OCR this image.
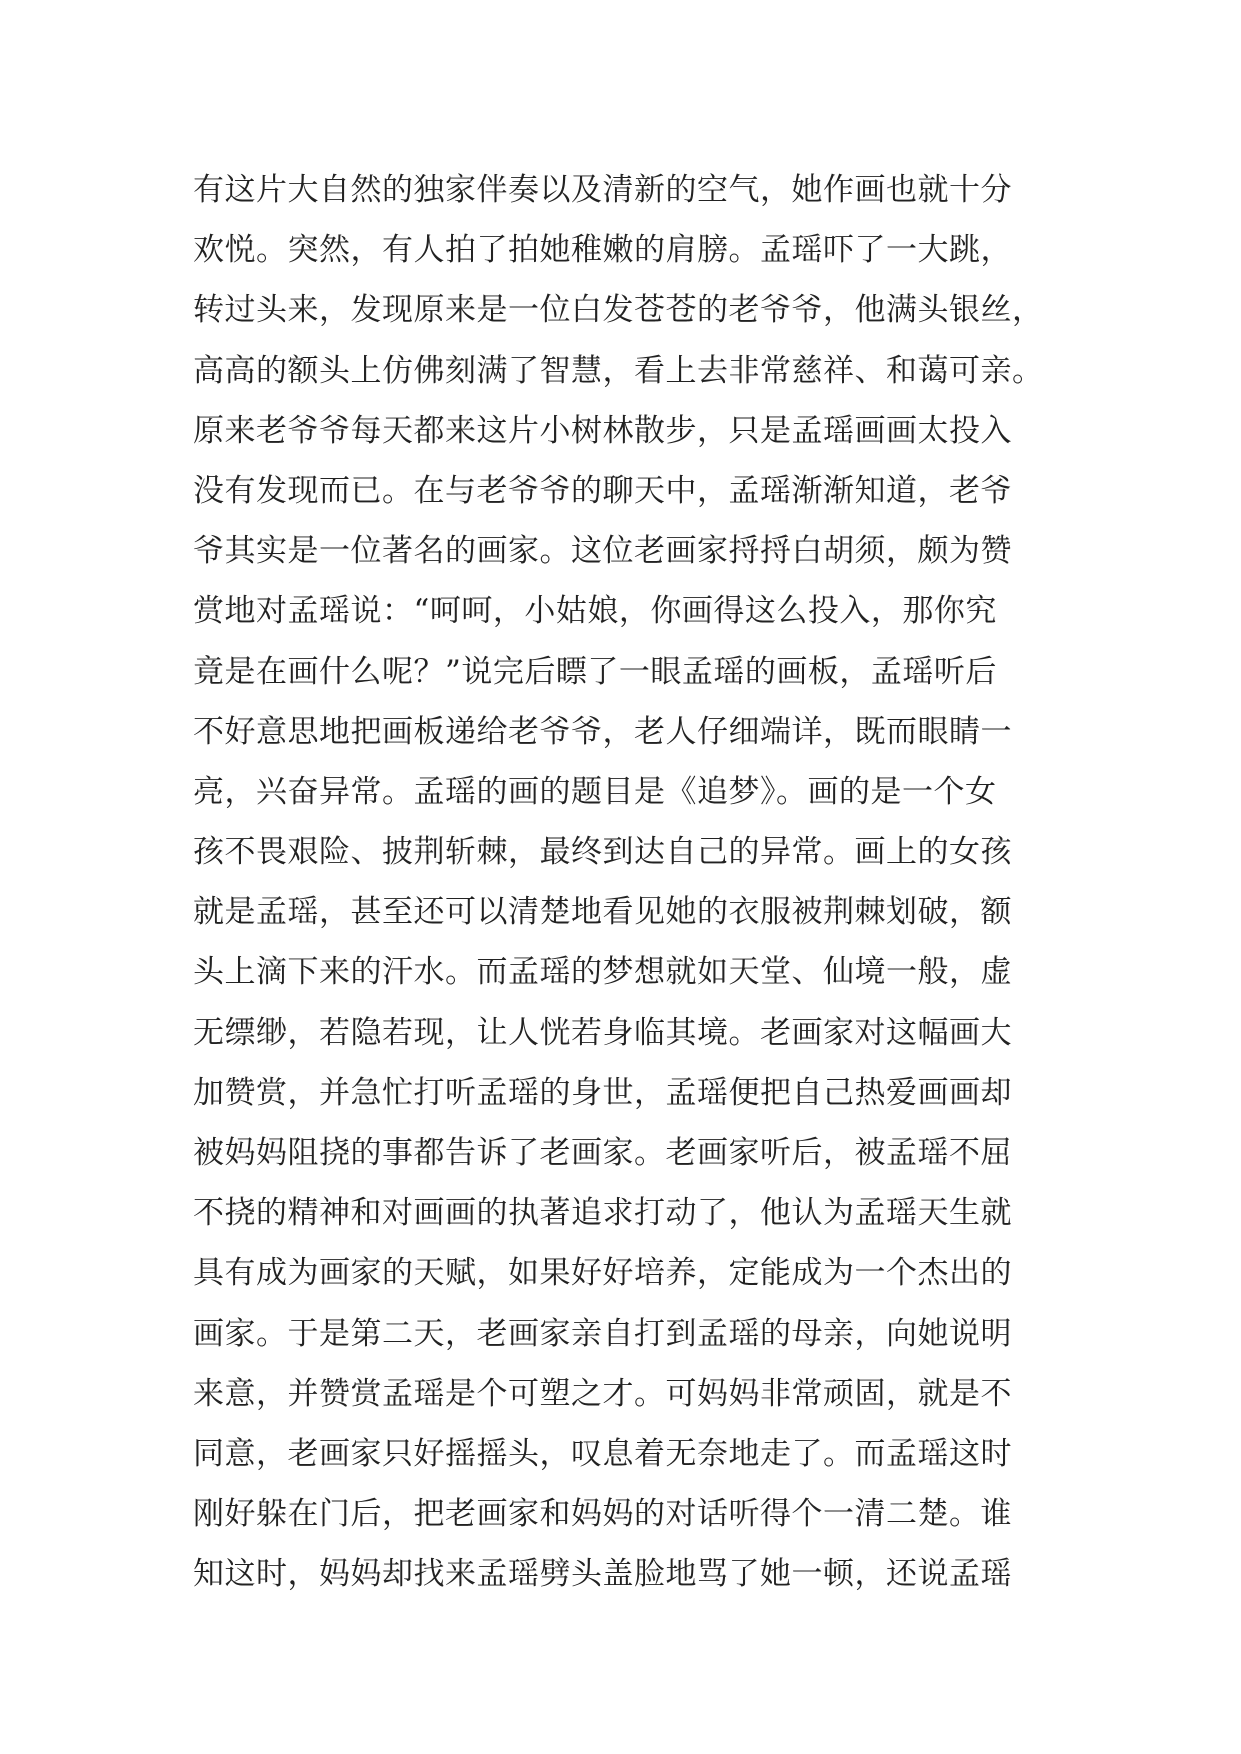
有这片大自然的独家伴奏以及清新的空气，她作画也就十分
欢悦。突然，有人拍了拍她稚嫩的肩膀。孟瑶吓了一大跳，
转过头来，发现原来是一位白发苍苍的老爷爷，他满头银丝，
高高的额头上仿佛刻满了智慧，看上去非常慈祥、和蔼可亲。
原来老爷爷每天都来这片小树林散步，只是孟瑶画画太投入
没有发现而已。在与老爷爷的聊天中，孟瑶渐渐知道，老爷
爷其实是一位著名的画家。这位老画家捋捋白胡须，颇为赞
赏地对孟瑶说：“呵呵，小姑娘，你画得这么投入，那你究
竟是在画什么呢？”说完后瞟了一眼孟瑶的画板，孟瑶听后
不好意思地把画板递给老爷爷，老人仔细端详，既而眼睛一
亮，兴奋异常。孟瑶的画的题目是《追梦》。画的是一个女
孩不畏艰险、披荆斩棘，最终到达自己的异常。画上的女孩
就是孟瑶，甚至还可以清楚地看见她的衣服被荆棘划破，额
头上滴下来的汗水。而孟瑶的梦想就如天堂、仙境一般，虚
无缥缈，若隐若现，让人恍若身临其境。老画家对这幅画大
加赞赏，并急忙打听孟瑶的身世，孟瑶便把自己热爱画画却
被妈妈阻挠的事都告诉了老画家。老画家听后，被孟瑶不屈
不挠的精神和对画画的执著追求打动了，他认为孟瑶天生就
具有成为画家的天赋，如果好好培养，定能成为一个杰出的
画家。于是第二天，老画家亲自打到孟瑶的母亲，向她说明
来意，并赞赏孟瑶是个可塑之才。可妈妈非常顽固，就是不
同意，老画家只好摇摇头，叹息着无奈地走了。而孟瑶这时
刚好躲在门后，把老画家和妈妈的对话听得个一清二楚。谁
知这时，妈妈却找来孟瑶劈头盖脸地骂了她一顿，还说孟瑶
